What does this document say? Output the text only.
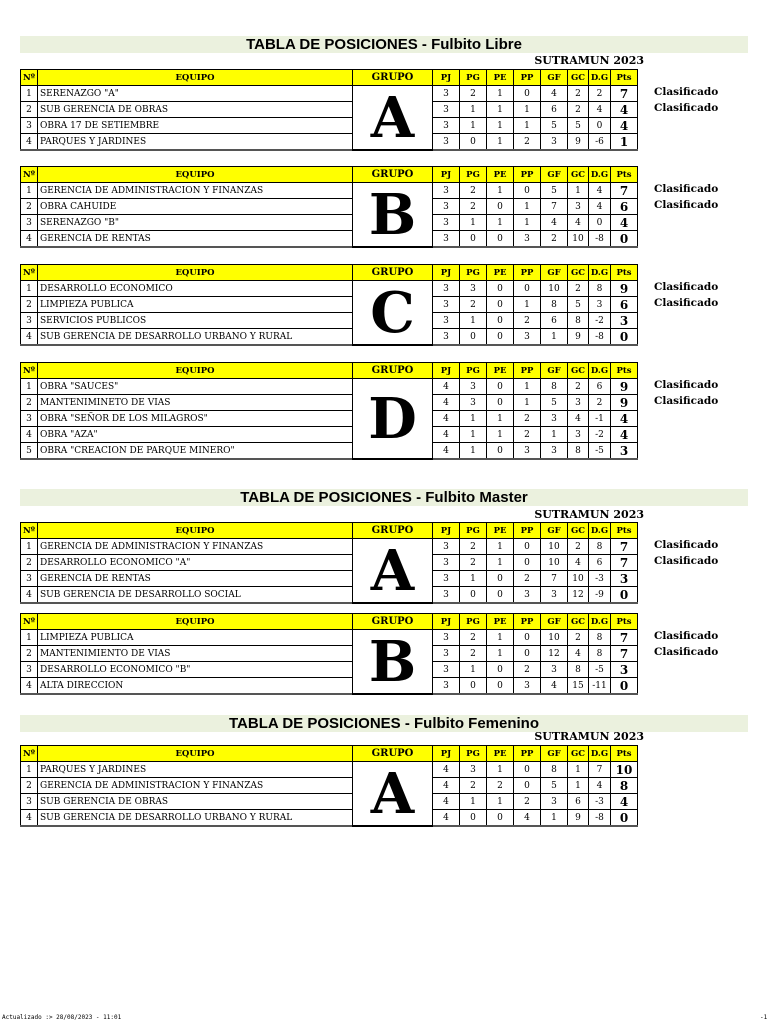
TABLA DE POSICIONES - Fulbito Libre
SUTRAMUN 2023
Clasificado
Clasificado
Nº	EQUIPO	GRUPO	PJ	PG	PE	PP	GF	GC	D.G	Pts
1	SERENAZGO "A"	A	3	2	1	0	4	2	2	7
2	SUB GERENCIA DE OBRAS		3	1	1	1	6	2	4	4
3	OBRA 17 DE SETIEMBRE		3	1	1	1	5	5	0	4
4	PARQUES Y JARDINES		3	0	1	2	3	9	-6	1
Clasificado
Clasificado
Nº	EQUIPO	GRUPO	PJ	PG	PE	PP	GF	GC	D.G	Pts
1	GERENCIA DE ADMINISTRACION Y FINANZAS	B	3	2	1	0	5	1	4	7
2	OBRA CAHUIDE		3	2	0	1	7	3	4	6
3	SERENAZGO "B"		3	1	1	1	4	4	0	4
4	GERENCIA DE RENTAS		3	0	0	3	2	10	-8	0
Clasificado
Clasificado
Nº	EQUIPO	GRUPO	PJ	PG	PE	PP	GF	GC	D.G	Pts
1	DESARROLLO ECONOMICO	C	3	3	0	0	10	2	8	9
2	LIMPIEZA PUBLICA		3	2	0	1	8	5	3	6
3	SERVICIOS PUBLICOS		3	1	0	2	6	8	-2	3
4	SUB GERENCIA DE DESARROLLO URBANO Y RURAL		3	0	0	3	1	9	-8	0
Clasificado
Clasificado
Nº	EQUIPO	GRUPO	PJ	PG	PE	PP	GF	GC	D.G	Pts
1	OBRA "SAUCES"	D	4	3	0	1	8	2	6	9
2	MANTENIMINETO DE VIAS		4	3	0	1	5	3	2	9
3	OBRA "SEÑOR DE LOS MILAGROS"		4	1	1	2	3	4	-1	4
4	OBRA "AZA"		4	1	1	2	1	3	-2	4
5	OBRA "CREACION DE PARQUE MINERO"		4	1	0	3	3	8	-5	3
TABLA DE POSICIONES - Fulbito Master
SUTRAMUN 2023
Clasificado
Clasificado
Nº	EQUIPO	GRUPO	PJ	PG	PE	PP	GF	GC	D.G	Pts
1	GERENCIA DE ADMINISTRACION Y FINANZAS	A	3	2	1	0	10	2	8	7
2	DESARROLLO ECONOMICO "A"		3	2	1	0	10	4	6	7
3	GERENCIA DE RENTAS		3	1	0	2	7	10	-3	3
4	SUB GERENCIA DE DESARROLLO SOCIAL		3	0	0	3	3	12	-9	0
Clasificado
Clasificado
Nº	EQUIPO	GRUPO	PJ	PG	PE	PP	GF	GC	D.G	Pts
1	LIMPIEZA PUBLICA	B	3	2	1	0	10	2	8	7
2	MANTENIMIENTO DE VIAS		3	2	1	0	12	4	8	7
3	DESARROLLO ECONOMICO "B"		3	1	0	2	3	8	-5	3
4	ALTA DIRECCION		3	0	0	3	4	15	-11	0
TABLA DE POSICIONES - Fulbito Femenino
SUTRAMUN 2023
Nº	EQUIPO	GRUPO	PJ	PG	PE	PP	GF	GC	D.G	Pts
1	PARQUES Y JARDINES	A	4	3	1	0	8	1	7	10
2	GERENCIA DE ADMINISTRACION Y FINANZAS		4	2	2	0	5	1	4	8
3	SUB GERENCIA DE OBRAS		4	1	1	2	3	6	-3	4
4	SUB GERENCIA DE DESARROLLO URBANO Y RURAL		4	0	0	4	1	9	-8	0
Actualizado :> 28/08/2023 - 11:01	-1
